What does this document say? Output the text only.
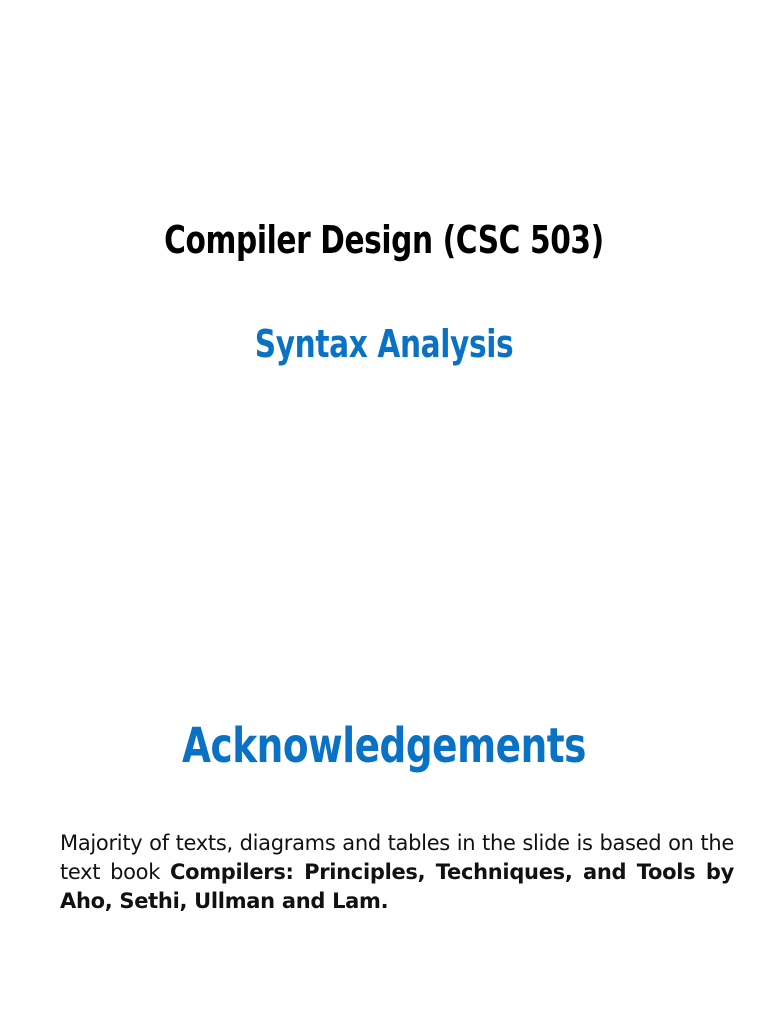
Compiler Design (CSC 503)
Syntax Analysis
Acknowledgements

Majority of texts, diagrams and tables in the slide is based on the text book Compilers: Principles, Techniques, and Tools by Aho, Sethi, Ullman and Lam.
